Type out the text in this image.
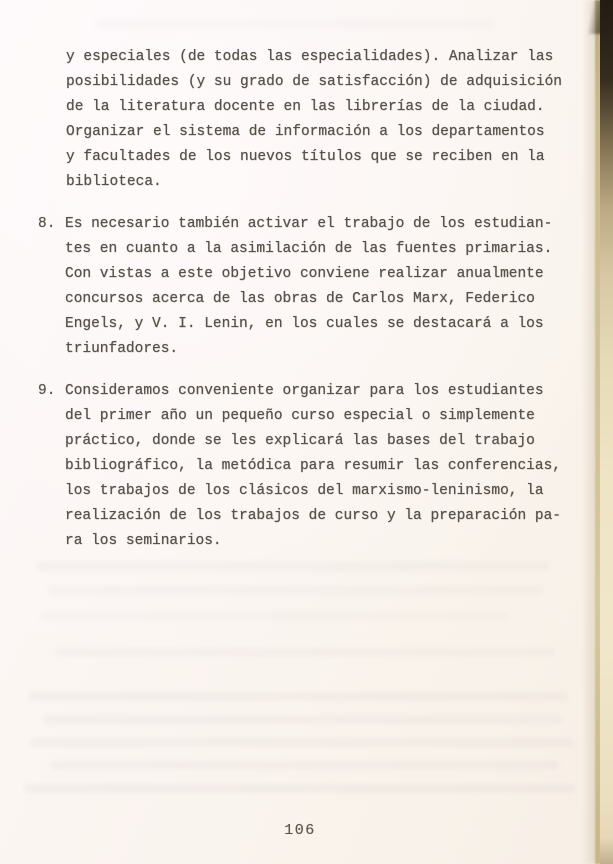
y especiales (de todas las especialidades). Analizar las
posibilidades (y su grado de satisfacción) de adquisición
de la literatura docente en las librerías de la ciudad.
Organizar el sistema de información a los departamentos
y facultades de los nuevos títulos que se reciben en la
biblioteca.
8. Es necesario también activar el trabajo de los estudian-
tes en cuanto a la asimilación de las fuentes primarias.
Con vistas a este objetivo conviene realizar anualmente
concursos acerca de las obras de Carlos Marx, Federico
Engels, y V. I. Lenin, en los cuales se destacará a los
triunfadores.
9. Consideramos conveniente organizar para los estudiantes
del primer año un pequeño curso especial o simplemente
práctico, donde se les explicará las bases del trabajo
bibliográfico, la metódica para resumir las conferencias,
los trabajos de los clásicos del marxismo-leninismo, la
realización de los trabajos de curso y la preparación pa-
ra los seminarios.
106
